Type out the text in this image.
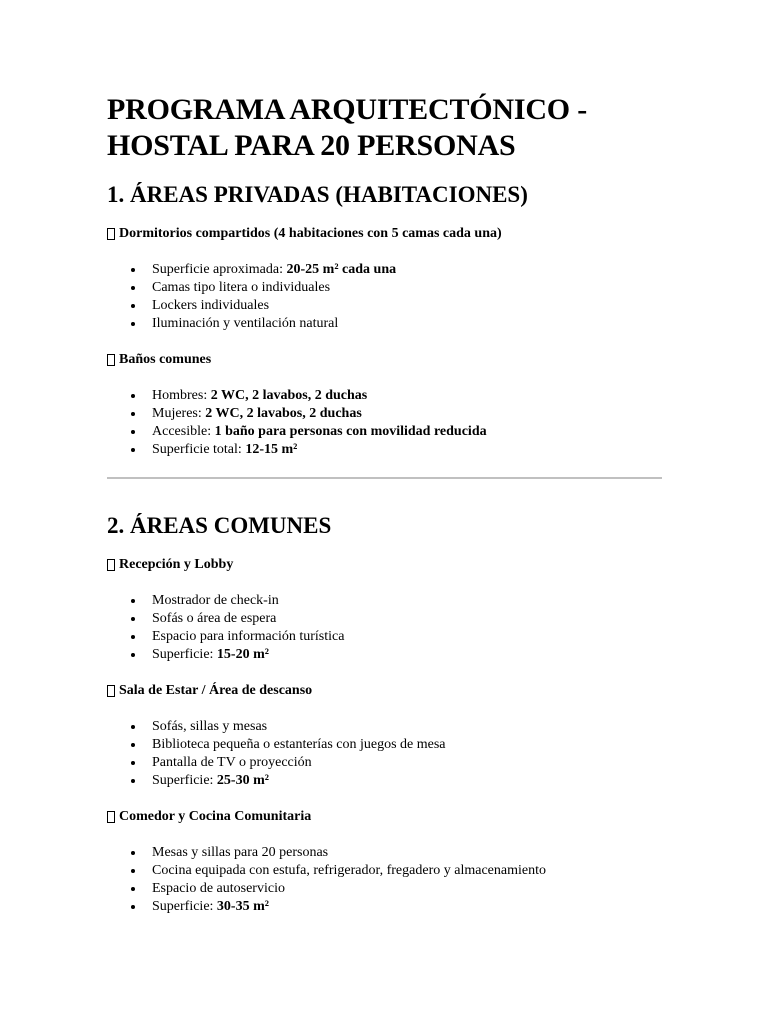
PROGRAMA ARQUITECTÓNICO -
HOSTAL PARA 20 PERSONAS
1. ÁREAS PRIVADAS (HABITACIONES)

Dormitorios compartidos (4 habitaciones con 5 camas cada una)

Superficie aproximada: 20-25 m² cada una
Camas tipo litera o individuales
Lockers individuales
Iluminación y ventilación natural

Baños comunes

Hombres: 2 WC, 2 lavabos, 2 duchas
Mujeres: 2 WC, 2 lavabos, 2 duchas
Accesible: 1 baño para personas con movilidad reducida
Superficie total: 12-15 m²
2. ÁREAS COMUNES

Recepción y Lobby

Mostrador de check-in
Sofás o área de espera
Espacio para información turística
Superficie: 15-20 m²

Sala de Estar / Área de descanso

Sofás, sillas y mesas
Biblioteca pequeña o estanterías con juegos de mesa
Pantalla de TV o proyección
Superficie: 25-30 m²

Comedor y Cocina Comunitaria

Mesas y sillas para 20 personas
Cocina equipada con estufa, refrigerador, fregadero y almacenamiento
Espacio de autoservicio
Superficie: 30-35 m²
